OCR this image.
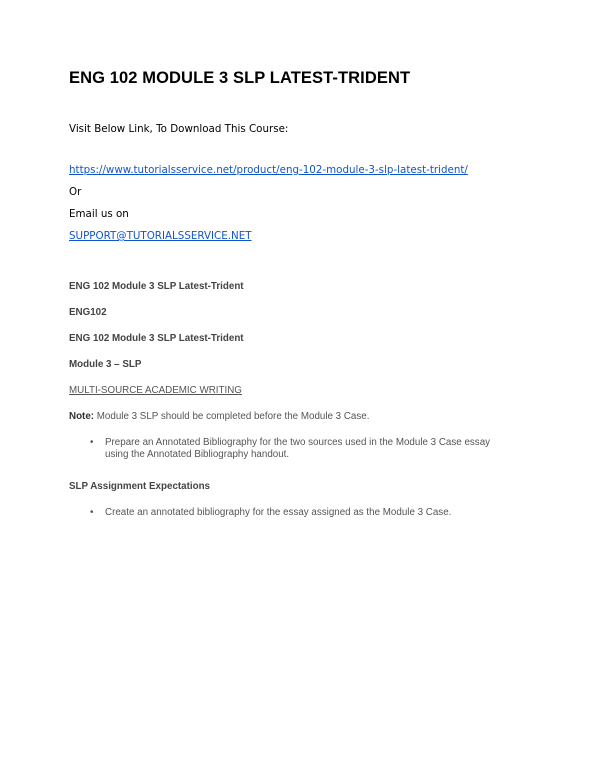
ENG 102 MODULE 3 SLP LATEST-TRIDENT
Visit Below Link, To Download This Course:
https://www.tutorialsservice.net/product/eng-102-module-3-slp-latest-trident/
Or
Email us on
SUPPORT@TUTORIALSSERVICE.NET
ENG 102 Module 3 SLP Latest-Trident
ENG102
ENG 102 Module 3 SLP Latest-Trident
Module 3 – SLP
MULTI-SOURCE ACADEMIC WRITING
Note: Module 3 SLP should be completed before the Module 3 Case.
• Prepare an Annotated Bibliography for the two sources used in the Module 3 Case essay using the Annotated Bibliography handout.
SLP Assignment Expectations
• Create an annotated bibliography for the essay assigned as the Module 3 Case.
